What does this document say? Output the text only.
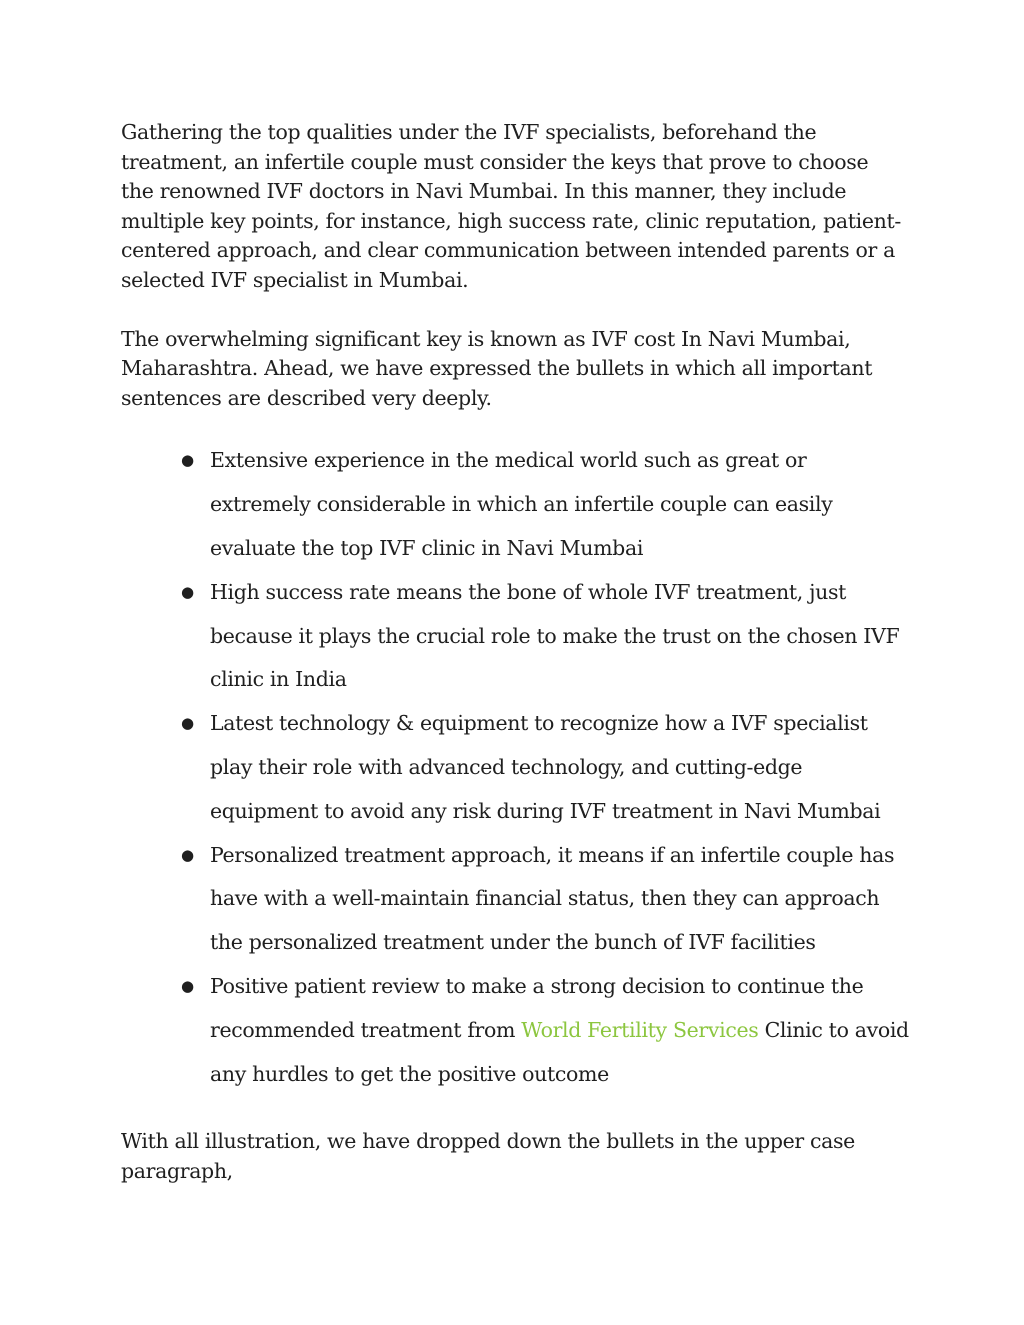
Gathering the top qualities under the IVF specialists, beforehand the treatment, an infertile couple must consider the keys that prove to choose the renowned IVF doctors in Navi Mumbai. In this manner, they include multiple key points, for instance, high success rate, clinic reputation, patient-centered approach, and clear communication between intended parents or a selected IVF specialist in Mumbai.

The overwhelming significant key is known as IVF cost In Navi Mumbai, Maharashtra. Ahead, we have expressed the bullets in which all important sentences are described very deeply.

● Extensive experience in the medical world such as great or extremely considerable in which an infertile couple can easily evaluate the top IVF clinic in Navi Mumbai
● High success rate means the bone of whole IVF treatment, just because it plays the crucial role to make the trust on the chosen IVF clinic in India
● Latest technology & equipment to recognize how a IVF specialist play their role with advanced technology, and cutting-edge equipment to avoid any risk during IVF treatment in Navi Mumbai
● Personalized treatment approach, it means if an infertile couple has have with a well-maintain financial status, then they can approach the personalized treatment under the bunch of IVF facilities
● Positive patient review to make a strong decision to continue the recommended treatment from World Fertility Services Clinic to avoid any hurdles to get the positive outcome

With all illustration, we have dropped down the bullets in the upper case paragraph,
